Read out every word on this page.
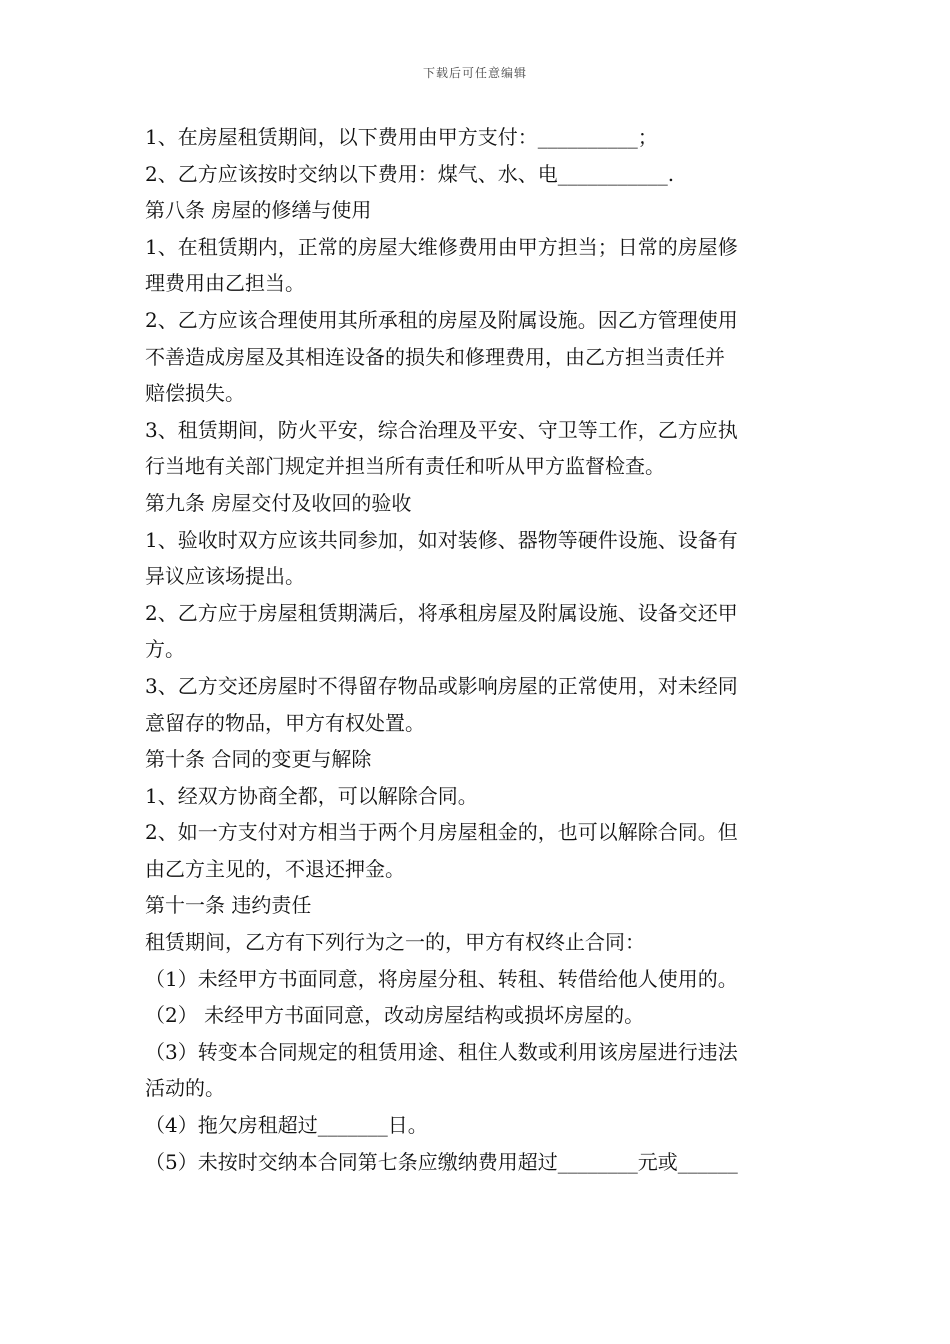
下载后可任意编辑
1、在房屋租赁期间，以下费用由甲方支付：__________；
2、乙方应该按时交纳以下费用：煤气、水、电___________.
第八条 房屋的修缮与使用
1、在租赁期内，正常的房屋大维修费用由甲方担当；日常的房屋修
理费用由乙担当。
2、乙方应该合理使用其所承租的房屋及附属设施。因乙方管理使用
不善造成房屋及其相连设备的损失和修理费用，由乙方担当责任并
赔偿损失。
3、租赁期间，防火平安，综合治理及平安、守卫等工作，乙方应执
行当地有关部门规定并担当所有责任和听从甲方监督检查。
第九条 房屋交付及收回的验收
1、验收时双方应该共同参加，如对装修、器物等硬件设施、设备有
异议应该场提出。
2、乙方应于房屋租赁期满后，将承租房屋及附属设施、设备交还甲
方。
3、乙方交还房屋时不得留存物品或影响房屋的正常使用，对未经同
意留存的物品，甲方有权处置。
第十条 合同的变更与解除
1、经双方协商全都，可以解除合同。
2、如一方支付对方相当于两个月房屋租金的，也可以解除合同。但
由乙方主见的，不退还押金。
第十一条 违约责任
租赁期间，乙方有下列行为之一的，甲方有权终止合同：
（1）未经甲方书面同意，将房屋分租、转租、转借给他人使用的。
（2） 未经甲方书面同意，改动房屋结构或损坏房屋的。
（3）转变本合同规定的租赁用途、租住人数或利用该房屋进行违法
活动的。
（4）拖欠房租超过_______日。
（5）未按时交纳本合同第七条应缴纳费用超过________元或______
